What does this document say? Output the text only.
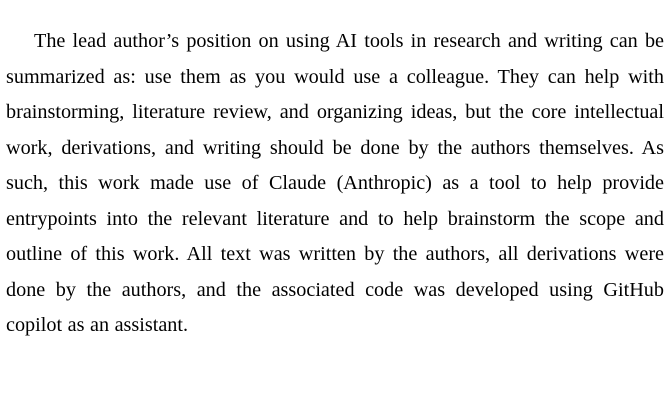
The lead author’s position on using AI tools in research and writing can be summarized as: use them as you would use a colleague. They can help with brainstorming, literature review, and organizing ideas, but the core intellectual work, derivations, and writing should be done by the authors themselves. As such, this work made use of Claude (Anthropic) as a tool to help provide entrypoints into the relevant literature and to help brainstorm the scope and outline of this work. All text was written by the authors, all derivations were done by the authors, and the associated code was developed using GitHub copilot as an assistant.
